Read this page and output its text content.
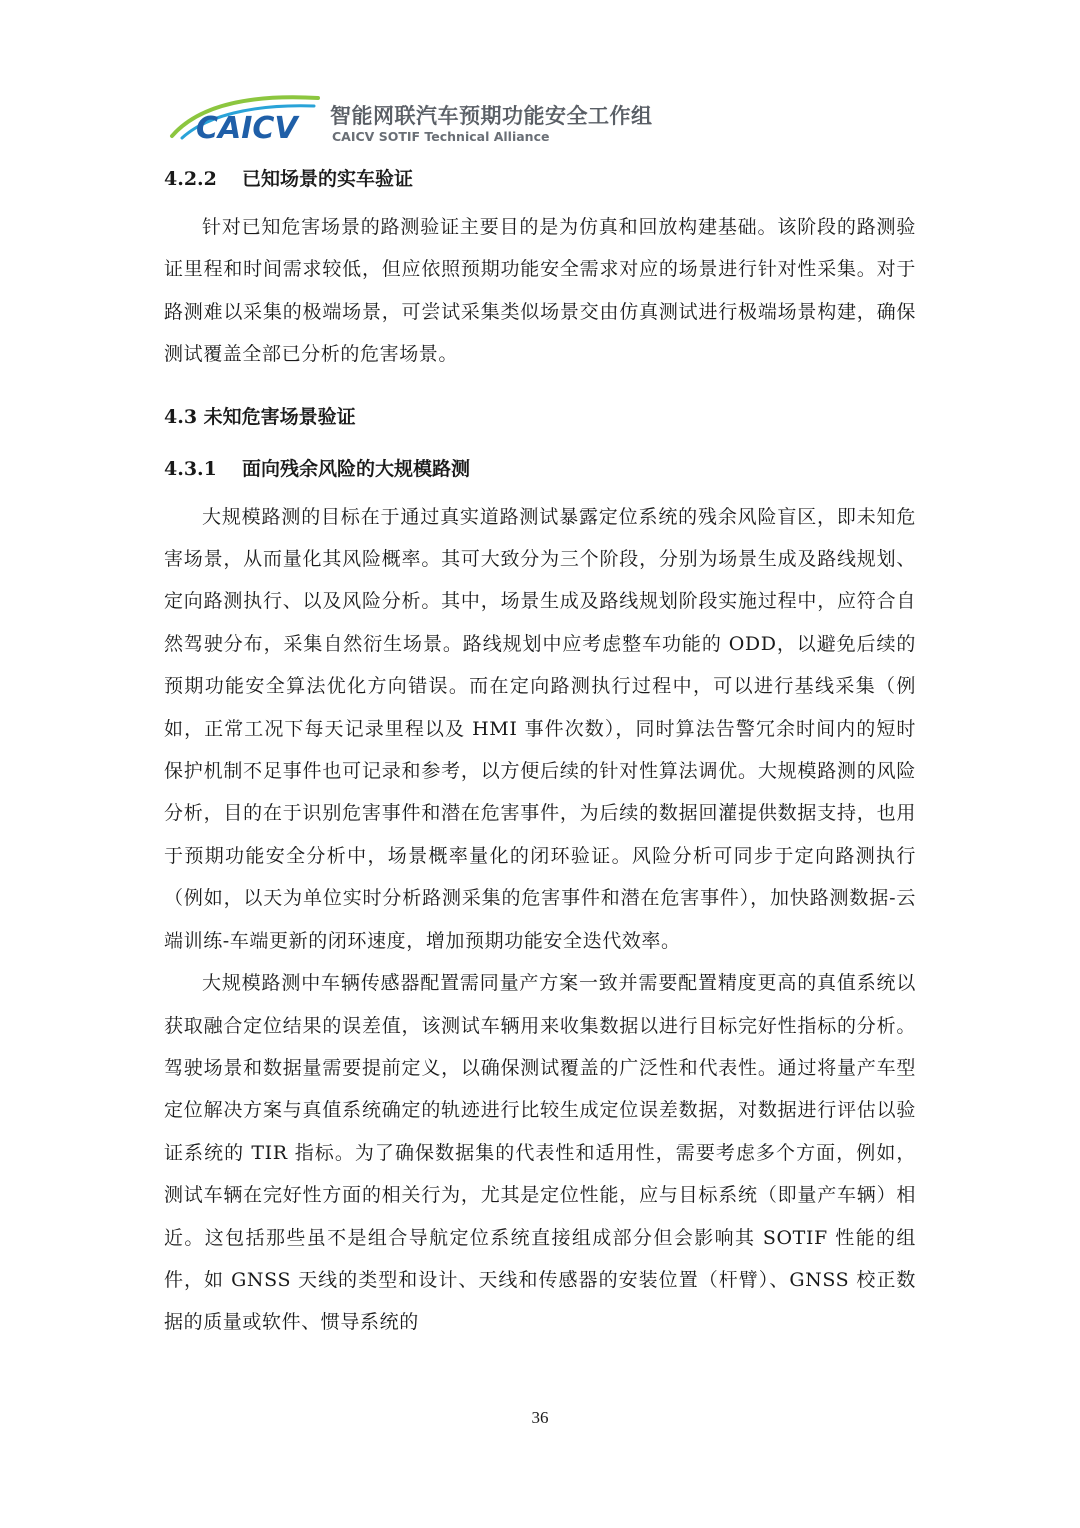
CAICV 智能网联汽车预期功能安全工作组
CAICV SOTIF Technical Alliance
4.2.2 已知场景的实车验证

针对已知危害场景的路测验证主要目的是为仿真和回放构建基础。该阶段的路测验证里程和时间需求较低，但应依照预期功能安全需求对应的场景进行针对性采集。对于路测难以采集的极端场景，可尝试采集类似场景交由仿真测试进行极端场景构建，确保测试覆盖全部已分析的危害场景。

4.3 未知危害场景验证
4.3.1 面向残余风险的大规模路测

大规模路测的目标在于通过真实道路测试暴露定位系统的残余风险盲区，即未知危害场景，从而量化其风险概率。其可大致分为三个阶段，分别为场景生成及路线规划、定向路测执行、以及风险分析。其中，场景生成及路线规划阶段实施过程中，应符合自然驾驶分布，采集自然衍生场景。路线规划中应考虑整车功能的 ODD，以避免后续的预期功能安全算法优化方向错误。而在定向路测执行过程中，可以进行基线采集（例如，正常工况下每天记录里程以及 HMI 事件次数），同时算法告警冗余时间内的短时保护机制不足事件也可记录和参考，以方便后续的针对性算法调优。大规模路测的风险分析，目的在于识别危害事件和潜在危害事件，为后续的数据回灌提供数据支持，也用于预期功能安全分析中，场景概率量化的闭环验证。风险分析可同步于定向路测执行（例如，以天为单位实时分析路测采集的危害事件和潜在危害事件），加快路测数据-云端训练-车端更新的闭环速度，增加预期功能安全迭代效率。

大规模路测中车辆传感器配置需同量产方案一致并需要配置精度更高的真值系统以获取融合定位结果的误差值，该测试车辆用来收集数据以进行目标完好性指标的分析。驾驶场景和数据量需要提前定义，以确保测试覆盖的广泛性和代表性。通过将量产车型定位解决方案与真值系统确定的轨迹进行比较生成定位误差数据，对数据进行评估以验证系统的 TIR 指标。为了确保数据集的代表性和适用性，需要考虑多个方面，例如，测试车辆在完好性方面的相关行为，尤其是定位性能，应与目标系统（即量产车辆）相近。这包括那些虽不是组合导航定位系统直接组成部分但会影响其 SOTIF 性能的组件，如 GNSS 天线的类型和设计、天线和传感器的安装位置（杆臂）、GNSS 校正数据的质量或软件、惯导系统的

36
